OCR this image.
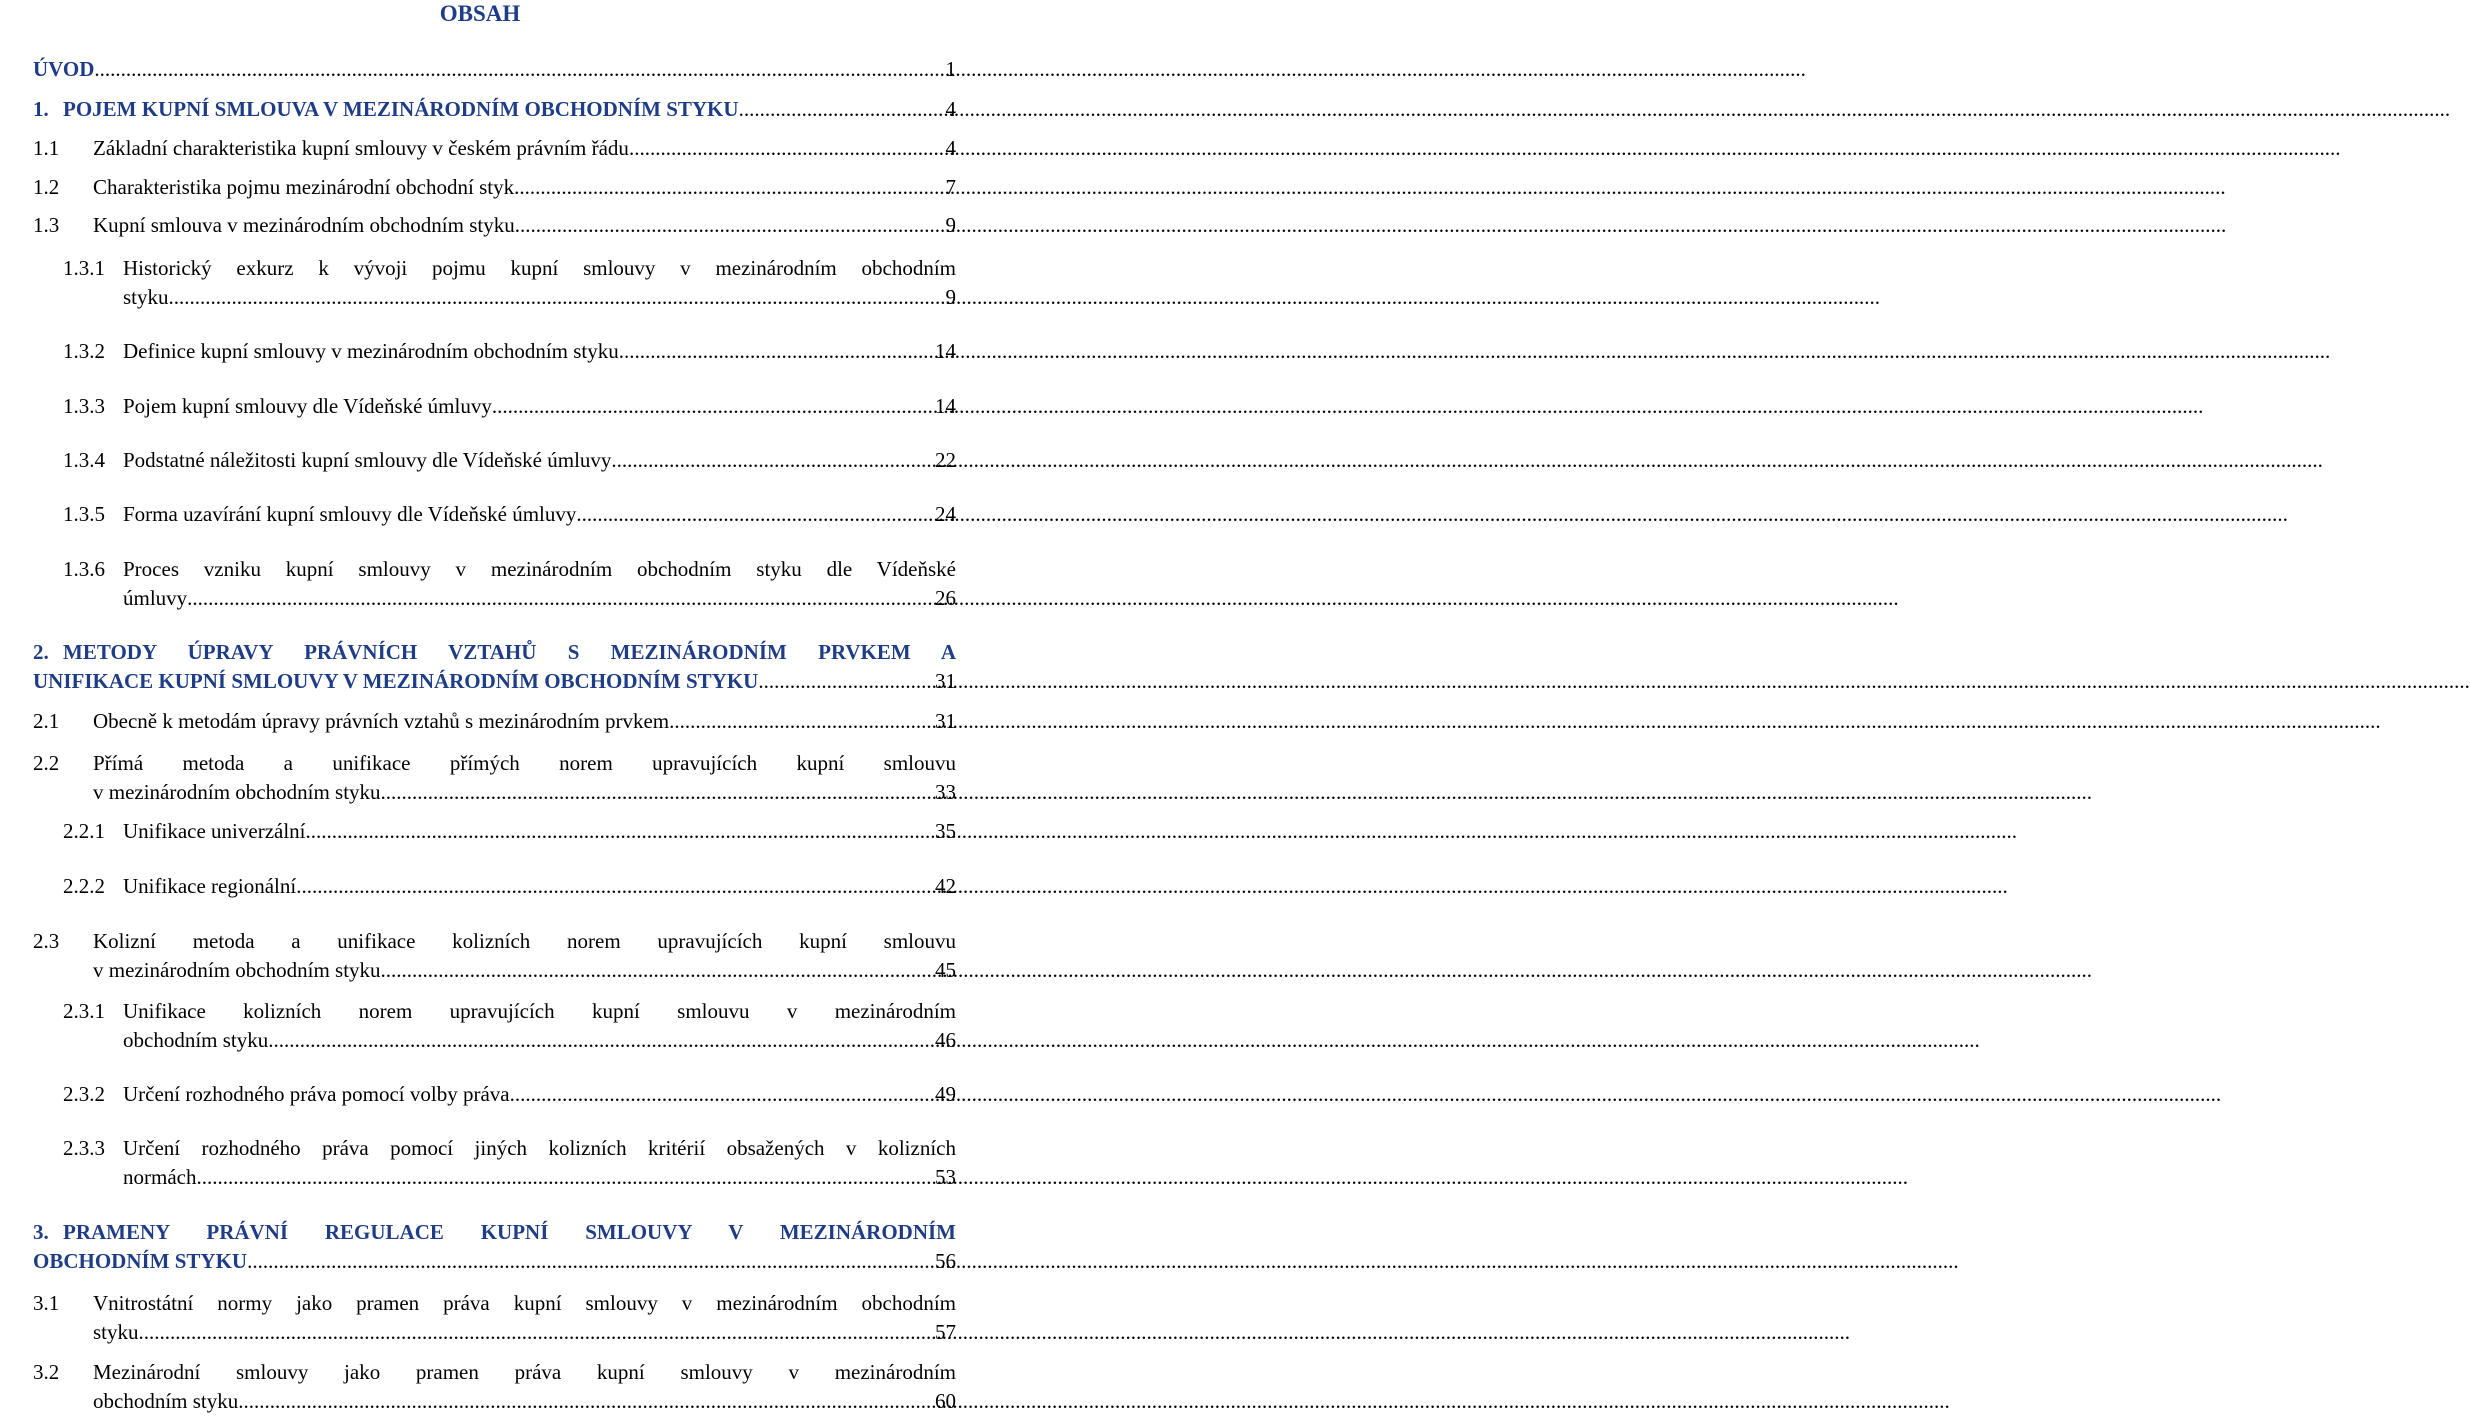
OBSAH
ÚVOD .....	1
1. POJEM KUPNÍ SMLOUVA V MEZINÁRODNÍM OBCHODNÍM STYKU .....	4
1.1	Základní charakteristika kupní smlouvy v českém právním řádu .....	4
1.2	Charakteristika pojmu mezinárodní obchodní styk .....	7
1.3	Kupní smlouva v mezinárodním obchodním styku .....	9
1.3.1 Historický exkurz k vývoji pojmu kupní smlouvy v mezinárodním obchodním
styku .....	9
1.3.2 Definice kupní smlouvy v mezinárodním obchodním styku .....	14
1.3.3 Pojem kupní smlouvy dle Vídeňské úmluvy .....	14
1.3.4 Podstatné náležitosti kupní smlouvy dle Vídeňské úmluvy .....	22
1.3.5 Forma uzavírání kupní smlouvy dle Vídeňské úmluvy .....	24
1.3.6 Proces vzniku kupní smlouvy v mezinárodním obchodním styku dle Vídeňské
úmluvy .....	26
2. METODY ÚPRAVY PRÁVNÍCH VZTAHŮ S MEZINÁRODNÍM PRVKEM A
UNIFIKACE KUPNÍ SMLOUVY V MEZINÁRODNÍM OBCHODNÍM STYKU .....	31
2.1	Obecně k metodám úpravy právních vztahů s mezinárodním prvkem .....	31
2.2 Přímá metoda a unifikace přímých norem upravujících kupní smlouvu
v mezinárodním obchodním styku .....	33
2.2.1 Unifikace univerzální .....	35
2.2.2 Unifikace regionální .....	42
2.3 Kolizní metoda a unifikace kolizních norem upravujících kupní smlouvu
v mezinárodním obchodním styku .....	45
2.3.1 Unifikace kolizních norem upravujících kupní smlouvu v mezinárodním
obchodním styku .....	46
2.3.2 Určení rozhodného práva pomocí volby práva .....	49
2.3.3 Určení rozhodného práva pomocí jiných kolizních kritérií obsažených v kolizních
normách .....	53
3. PRAMENY PRÁVNÍ REGULACE KUPNÍ SMLOUVY V MEZINÁRODNÍM
OBCHODNÍM STYKU .....	56
3.1 Vnitrostátní normy jako pramen práva kupní smlouvy v mezinárodním obchodním
styku .....	57
3.2 Mezinárodní smlouvy jako pramen práva kupní smlouvy v mezinárodním
obchodním styku .....	60
